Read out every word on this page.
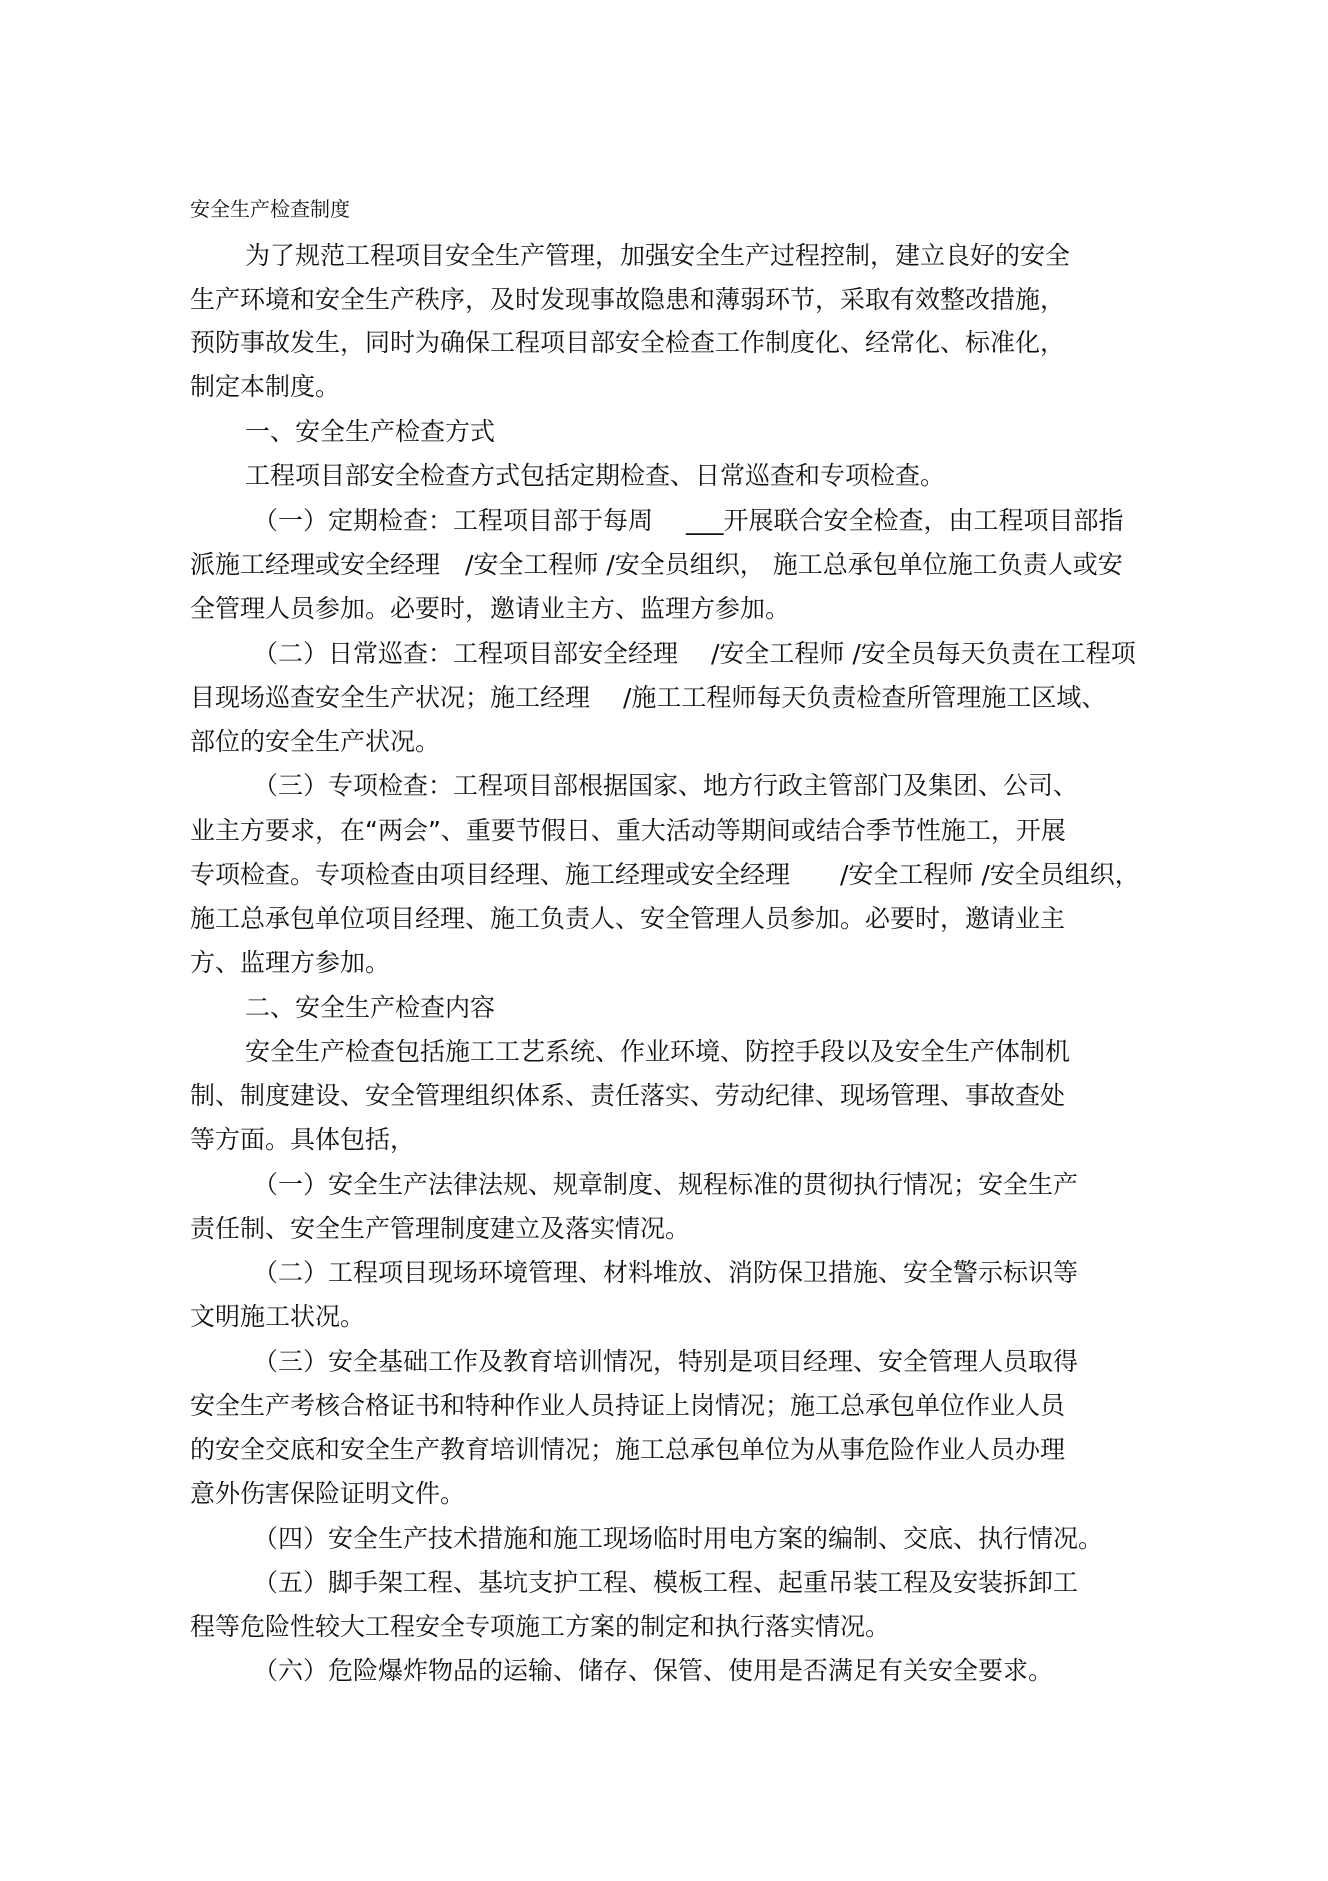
安全生产检查制度

为了规范工程项目安全生产管理，加强安全生产过程控制，建立良好的安全

生产环境和安全生产秩序，及时发现事故隐患和薄弱环节，采取有效整改措施，

预防事故发生，同时为确保工程项目部安全检查工作制度化、经常化、标准化，

制定本制度。

一、安全生产检查方式

工程项目部安全检查方式包括定期检查、日常巡查和专项检查。

（一）定期检查：工程项目部于每周　 ___开展联合安全检查，由工程项目部指

派施工经理或安全经理　/安全工程师 /安全员组织， 施工总承包单位施工负责人或安

全管理人员参加。必要时，邀请业主方、监理方参加。

（二）日常巡查：工程项目部安全经理　 /安全工程师 /安全员每天负责在工程项

目现场巡查安全生产状况；施工经理　 /施工工程师每天负责检查所管理施工区域、

部位的安全生产状况。

（三）专项检查：工程项目部根据国家、地方行政主管部门及集团、公司、

业主方要求，在“两会”、重要节假日、重大活动等期间或结合季节性施工，开展

专项检查。专项检查由项目经理、施工经理或安全经理　　/安全工程师 /安全员组织，

施工总承包单位项目经理、施工负责人、安全管理人员参加。必要时，邀请业主

方、监理方参加。

二、安全生产检查内容

安全生产检查包括施工工艺系统、作业环境、防控手段以及安全生产体制机

制、制度建设、安全管理组织体系、责任落实、劳动纪律、现场管理、事故查处

等方面。具体包括，

（一）安全生产法律法规、规章制度、规程标准的贯彻执行情况；安全生产

责任制、安全生产管理制度建立及落实情况。

（二）工程项目现场环境管理、材料堆放、消防保卫措施、安全警示标识等

文明施工状况。

（三）安全基础工作及教育培训情况，特别是项目经理、安全管理人员取得

安全生产考核合格证书和特种作业人员持证上岗情况；施工总承包单位作业人员

的安全交底和安全生产教育培训情况；施工总承包单位为从事危险作业人员办理

意外伤害保险证明文件。

（四）安全生产技术措施和施工现场临时用电方案的编制、交底、执行情况。

（五）脚手架工程、基坑支护工程、模板工程、起重吊装工程及安装拆卸工

程等危险性较大工程安全专项施工方案的制定和执行落实情况。

（六）危险爆炸物品的运输、储存、保管、使用是否满足有关安全要求。
